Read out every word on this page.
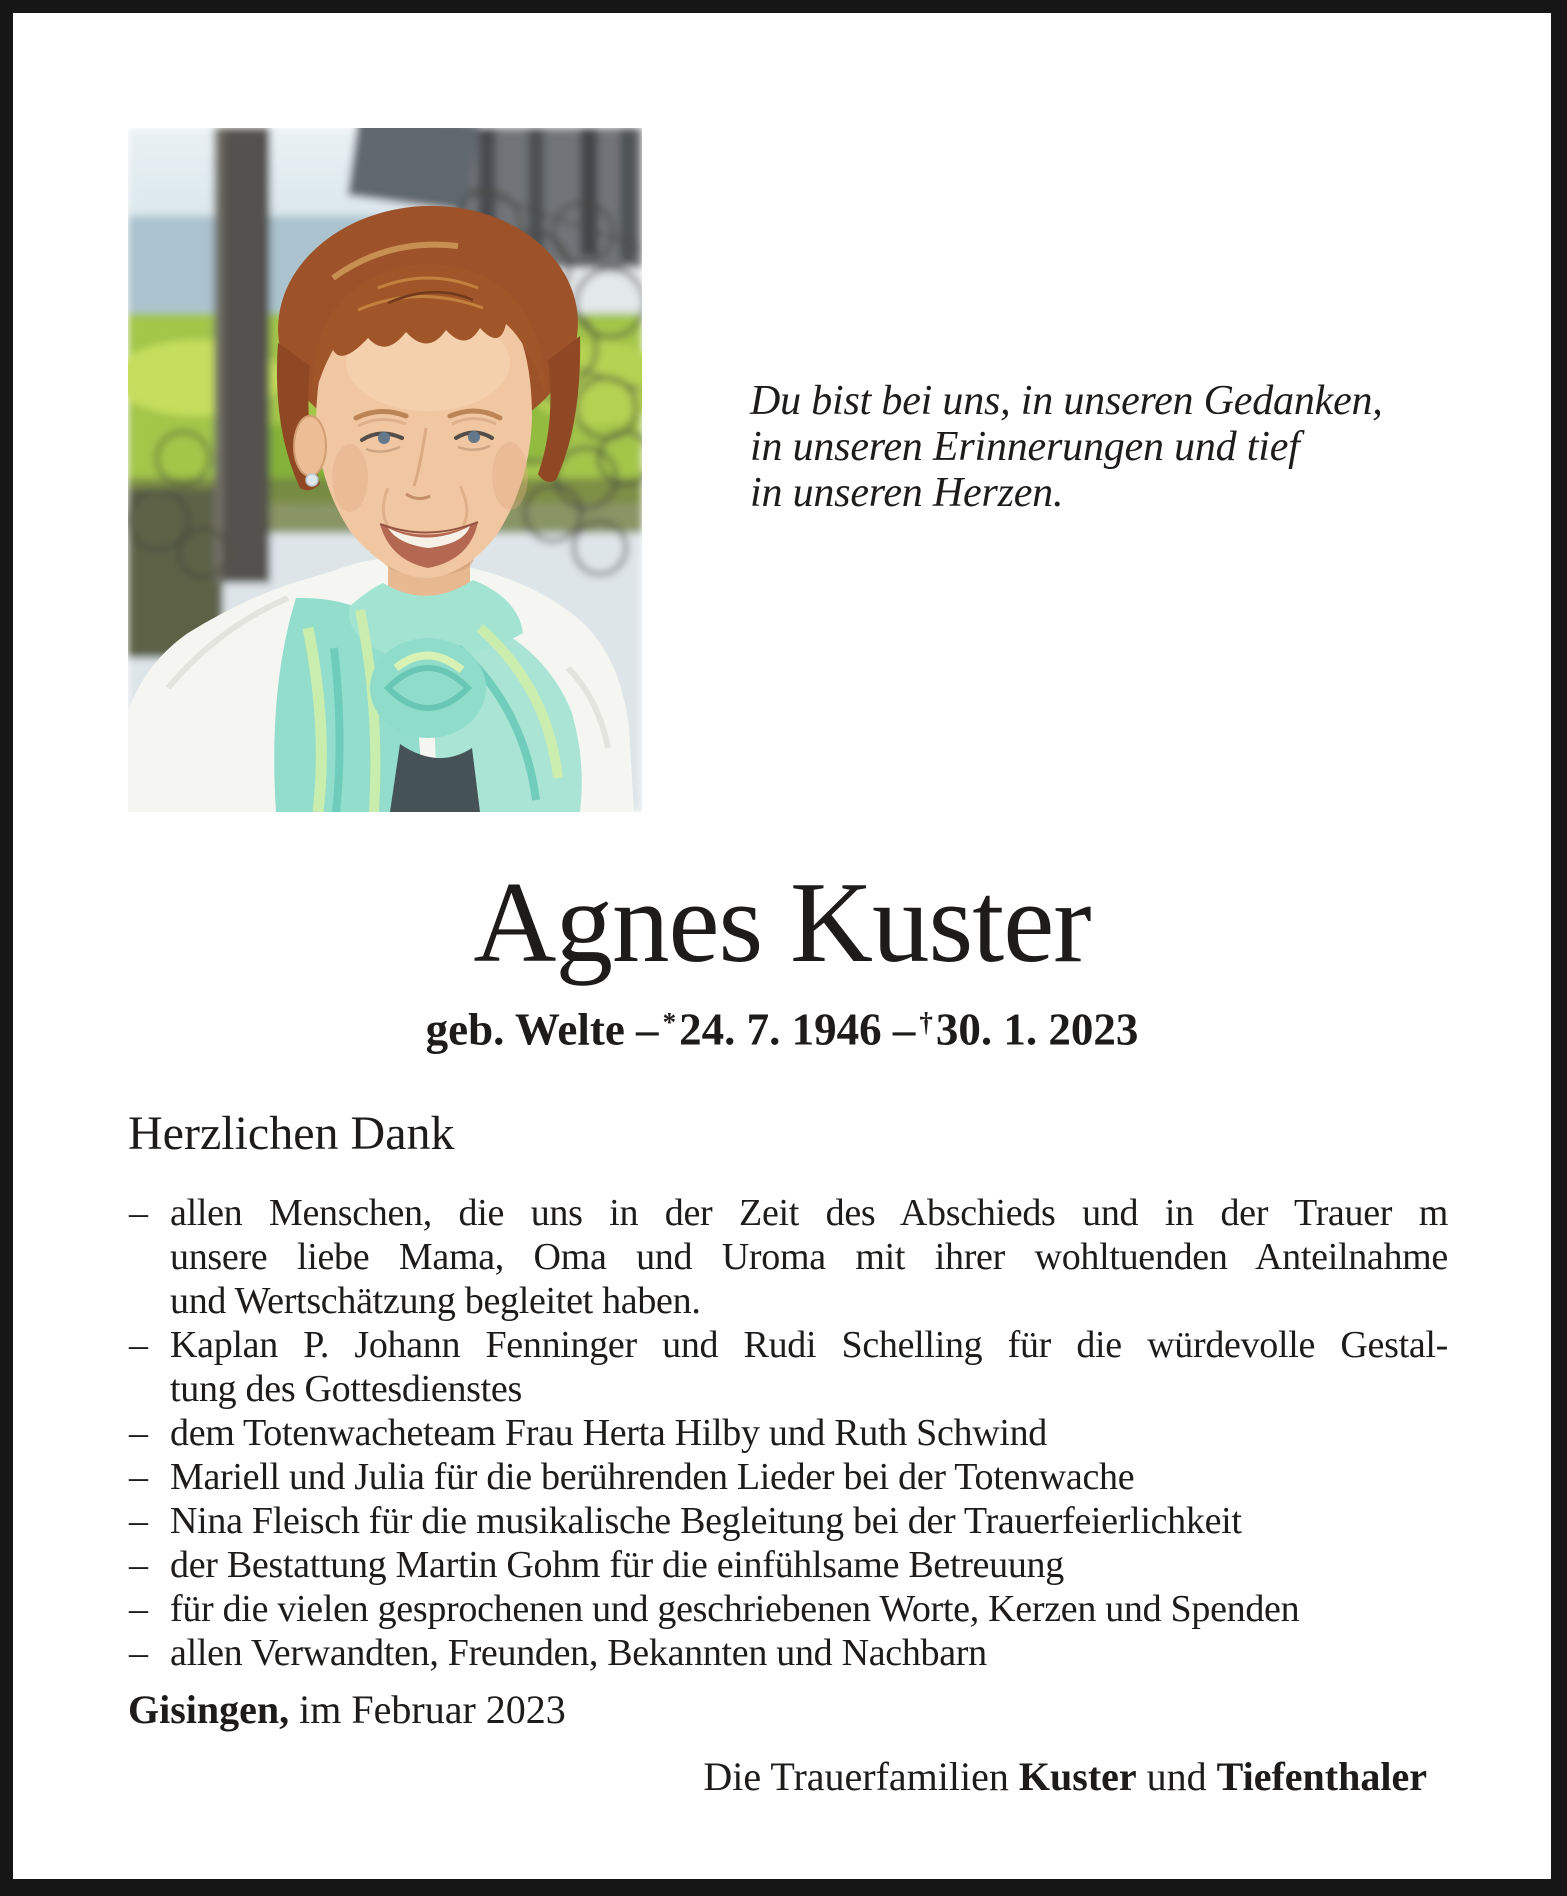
Du bist bei uns, in unseren Gedanken,
in unseren Erinnerungen und tief
in unseren Herzen.
Agnes Kuster
geb. Welte – *24. 7. 1946 – †30. 1. 2023
Herzlichen Dank
– allen Menschen, die uns in der Zeit des Abschieds und in der Trauer m
unsere liebe Mama, Oma und Uroma mit ihrer wohltuenden Anteilnahme
und Wertschätzung begleitet haben.
– Kaplan P. Johann Fenninger und Rudi Schelling für die würdevolle Gestal-
tung des Gottesdienstes
– dem Totenwacheteam Frau Herta Hilby und Ruth Schwind
– Mariell und Julia für die berührenden Lieder bei der Totenwache
– Nina Fleisch für die musikalische Begleitung bei der Trauerfeierlichkeit
– der Bestattung Martin Gohm für die einfühlsame Betreuung
– für die vielen gesprochenen und geschriebenen Worte, Kerzen und Spenden
– allen Verwandten, Freunden, Bekannten und Nachbarn
Gisingen, im Februar 2023
Die Trauerfamilien Kuster und Tiefenthaler
